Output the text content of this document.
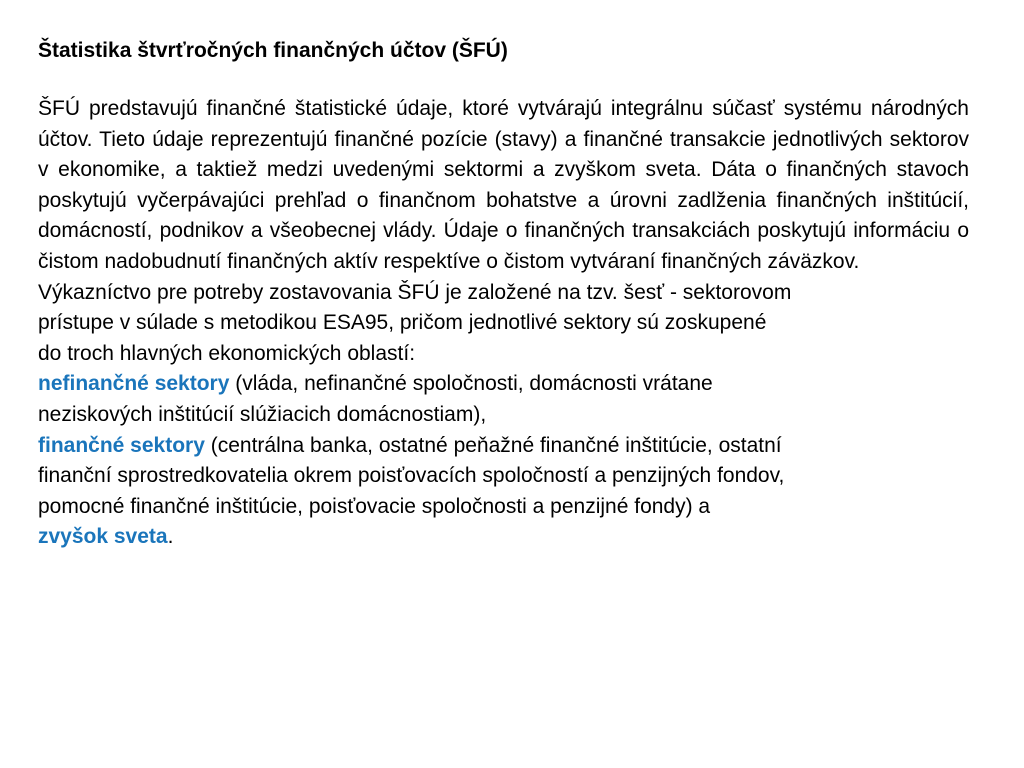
Štatistika štvrťročných finančných účtov (ŠFÚ)

ŠFÚ predstavujú finančné štatistické údaje, ktoré vytvárajú integrálnu súčasť systému národných účtov. Tieto údaje reprezentujú finančné pozície (stavy) a finančné transakcie jednotlivých sektorov v ekonomike, a taktiež medzi uvedenými sektormi a zvyškom sveta. Dáta o finančných stavoch poskytujú vyčerpávajúci prehľad o finančnom bohatstve a úrovni zadlženia finančných inštitúcií, domácností, podnikov a všeobecnej vlády. Údaje o finančných transakciách poskytujú informáciu o čistom nadobudnutí finančných aktív respektíve o čistom vytváraní finančných záväzkov.

Výkazníctvo pre potreby zostavovania ŠFÚ je založené na tzv. šesť - sektorovom
prístupe v súlade s metodikou ESA95, pričom jednotlivé sektory sú zoskupené
do troch hlavných ekonomických oblastí:
nefinančné sektory (vláda, nefinančné spoločnosti, domácnosti vrátane
neziskových inštitúcií slúžiacich domácnostiam),
finančné sektory (centrálna banka, ostatné peňažné finančné inštitúcie, ostatní
finanční sprostredkovatelia okrem poisťovacích spoločností a penzijných fondov,
pomocné finančné inštitúcie, poisťovacie spoločnosti a penzijné fondy) a
zvyšok sveta.
